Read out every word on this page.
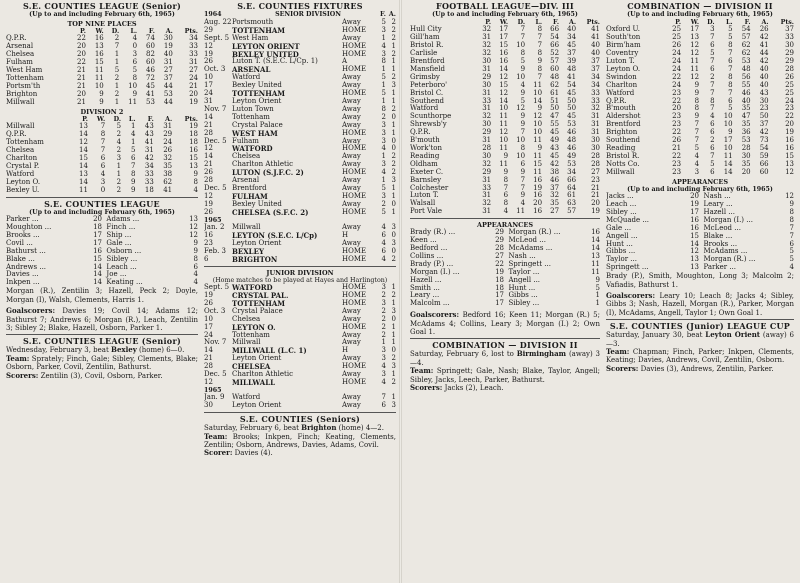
S.E. COUNTIES LEAGUE (Senior)
(Up to and including February 6th, 1965)
TOP NINE PLACES
	P.	W.	D.	L.	F.	A.	Pts.
Q.P.R.	22	16	2	4	74	30	34
Arsenal	20	13	7	0	60	19	33
Chelsea	20	16	1	3	82	40	33
Fulham	22	15	1	6	60	31	31
West Ham	21	11	5	5	46	27	27
Tottenham	21	11	2	8	72	37	24
Portsm'th	21	10	1	10	45	44	21
Brighton	20	9	2	9	41	53	20
Millwall	21	9	1	11	53	44	19
DIVISION 2
	P.	W.	D.	L.	F.	A.	Pts.
Millwall	13	7	5	1	43	31	19
Q.P.R.	14	8	2	4	43	29	18
Tottenham	12	7	4	1	41	24	18
Chelsea	14	7	2	5	31	26	16
Charlton	15	6	3	6	42	32	15
Crystal P.	14	6	1	7	34	35	13
Watford	13	4	1	8	33	38	9
Leyton O.	14	3	2	9	33	62	8
Bexley U.	11	0	2	9	18	41	4
S.E. COUNTIES LEAGUE
(Up to and including February 6th, 1965)
Parker ...	20	Adams ...	13
Moughton ...	18	Finch ...	12
Brooks ...	17	Ship ...	12
Covil ...	17	Gale ...	9
Bathurst ...	16	Osborn ...	9
Blake ...	15	Sibley ...	8
Andrews ...	14	Leach ...	6
Davies ...	14	Joe ...	4
Inkpen ...	14	Keating ...	4
Morgan (R.), Zentilin 3; Hazell, Peck 2; Doyle, Morgan (I), Walsh, Clements, Harris 1.
Goalscorers: Davies 19; Covil 14; Adams 12; Bathurst 7; Andrews 6; Morgan (R.), Leach, Zentilin 3; Sibley 2; Blake, Hazell, Osborn, Parker 1.
S.E. COUNTIES LEAGUE (Senior)
Wednesday, February 3, beat Bexley (home) 6—0.
Team: Sprately; Finch, Gale; Sibley, Clements, Blake; Osborn, Parker, Covil, Zentilin, Bathurst.
Scorers: Zentilin (3), Covil, Osborn, Parker.
S.E. COUNTIES FIXTURES
1964	SENIOR DIVISION		F.	A.
Aug. 22	Portsmouth	Away	5	2
29	TOTTENHAM	HOME	3	2
Sept. 5	West Ham	Away	1	2
12	LEYTON ORIENT	HOME	4	1
19	BEXLEY UNITED	HOME	3	2
26	Luton T. (S.E.C. L/Cp. 1)	A	8	1
Oct. 3	ARSENAL	HOME	1	1
10	Watford	Away	5	2
17	Bexley United	Away	1	3
24	TOTTENHAM	HOME	5	1
31	Leyton Orient	Away	1	1
Nov. 7	Luton Town	Away	8	2
14	Tottenham	Away	2	0
21	Crystal Palace	Away	3	1
28	WEST HAM	HOME	3	1
Dec. 5	Fulham	Away	3	0
12	WATFORD	HOME	4	0
14	Chelsea	Away	1	2
21	Charlton Athletic	Away	3	2
26	LUTON (S.J.F.C. 2)	HOME	4	2
28	Arsenal	Away	1	3
Dec. 5	Brentford	Away	5	1
12	FULHAM	HOME	3	1
19	Bexley United	Away	2	0
26	CHELSEA (S.F.C. 2)	HOME	5	1
1965
Jan. 2	Millwall	Away	4	3
16	LEYTON (S.E.C. L/Cp)	H	6	0
23	Leyton Orient	Away	4	3
Feb. 3	BEXLEY	HOME	6	0
6	BRIGHTON	HOME	4	2
JUNIOR DIVISION
(Home matches to be played at Hayes and Harlington)
Sept. 5	WATFORD	HOME	3	1
19	CRYSTAL PAL.	HOME	2	2
26	TOTTENHAM	HOME	3	1
Oct. 3	Crystal Palace	Away	2	3
10	Chelsea	Away	2	0
17	LEYTON O.	HOME	2	1
24	Tottenham	Away	2	1
Nov. 7	Millwall	Away	1	1
14	MILLWALL (L.C. 1)	H	3	0
21	Leyton Orient	Away	3	2
28	CHELSEA	HOME	4	3
Dec. 5	Charlton Athletic	Away	3	1
12	MILLWALL	HOME	4	2
1965
Jan. 9	Watford	Away	7	1
30	Leyton Orient	Away	6	3
S.E. COUNTIES (Seniors)
Saturday, February 6, beat Brighton (home) 4—2.
Team: Brooks; Inkpen, Finch; Keating, Clements, Zentilin; Osborn, Andrews, Davies, Adams, Covil.
Scorer: Davies (4).
FOOTBALL LEAGUE—DIV. III
(Up to and including February 6th, 1965)
	P.	W.	D.	L.	F.	A.	Pts.
Hull City	32	17	7	8	66	40	41
Gill'ham	31	17	7	7	54	34	41
Bristol R.	32	15	10	7	66	45	40
Carlisle	32	16	8	8	52	37	40
Brentford	30	16	5	9	57	39	37
Mansfield	31	14	9	8	60	48	37
Grimsby	29	12	10	7	48	41	34
Peterboro'	30	15	4	11	62	54	34
Bristol C.	31	12	9	10	61	45	33
Southend	33	14	5	14	51	50	33
Watford	31	10	12	9	50	50	32
Scunthorpe	32	11	9	12	47	45	31
Shrewsb'y	30	11	9	10	55	53	31
Q.P.R.	29	12	7	10	45	46	31
B'mouth	31	10	10	11	49	48	30
Work'ton	28	11	8	9	43	46	30
Reading	30	9	10	11	45	49	28
Oldham	32	11	6	15	42	53	28
Exeter C.	29	9	9	11	38	34	27
Barnsley	31	8	7	16	46	66	23
Colchester	33	7	7	19	37	64	21
Luton T.	31	6	9	16	32	61	21
Walsall	32	8	4	20	35	63	20
Port Vale	31	4	11	16	27	57	19
APPEARANCES
Brady (R.) ...	29	Morgan (R.) ...	16
Keen ...	29	McLeod ...	14
Bedford ...	28	McAdams ...	14
Collins ...	27	Nash ...	13
Brady (P.) ...	22	Springett ...	11
Morgan (I.) ...	19	Taylor ...	11
Hazell ...	18	Angell ...	9
Smith ...	18	Hunt ...	5
Leary ...	17	Gibbs ...	1
Malcolm ...	17	Sibley ...	1
Goalscorers: Bedford 16; Keen 11; Morgan (R.) 5; McAdams 4; Collins, Leary 3; Morgan (I.) 2; Own Goal 1.
COMBINATION — DIVISION II
Saturday, February 6, lost to Birmingham (away) 3—4.
Team: Springett; Gale, Nash; Blake, Taylor, Angell; Sibley, Jacks, Leech, Parker, Bathurst.
Scorers: Jacks (2), Leach.
COMBINATION — DIVISION II
(Up to and including February 6th, 1965)
	P.	W.	D.	L.	F.	A.	Pts.
Oxford U.	25	17	3	5	54	26	37
South'ton	25	13	7	5	57	42	33
Birm'ham	26	12	6	8	62	41	30
Coventry	24	12	5	7	62	44	29
Luton T.	24	11	7	6	53	42	29
Leyton O.	24	11	6	7	48	40	28
Swindon	22	12	2	8	56	40	26
Charlton	24	9	7	8	55	40	25
Watford	23	9	7	7	46	43	25
Q.P.R.	22	8	8	6	40	30	24
B'mouth	20	8	7	5	35	23	23
Aldershot	23	9	4	10	47	50	22
Brentford	23	7	6	10	35	37	20
Brighton	22	7	6	9	36	42	19
Southend	26	7	2	17	53	73	16
Reading	21	5	6	10	28	54	16
Bristol R.	22	4	7	11	30	59	15
Notts Co.	23	4	5	14	35	66	13
Millwall	23	3	6	14	20	60	12
APPEARANCES
(Up to and including February 6th, 1965)
Jacks ...	20	Nash ...	12
Leach ...	19	Leary ...	9
Sibley ...	17	Hazell ...	8
McQuade ...	16	Morgan (I.) ...	8
Gale ...	16	McLeod ...	7
Angell ...	15	Blake ...	7
Hunt ...	14	Brooks ...	6
Gibbs ...	12	McAdams ...	5
Taylor ...	13	Morgan (R.) ...	5
Springett ...	13	Parker ...	4
Brady (P.), Smith, Moughton, Long 3; Malcolm 2; Vafiadis, Bathurst 1.
Goalscorers: Leary 10; Leach 8; Jacks 4; Sibley, Gibbs 3; Nash, Hazell, Morgan (R.), Parker, Morgan (I), McAdams, Angell, Taylor 1; Own Goal 1.
S.E. COUNTIES (Junior) LEAGUE CUP
Saturday, January 30, beat Leyton Orient (away) 6—3.
Team: Chapman; Finch, Parker; Inkpen, Clements, Keating; Davies, Andrews, Covil, Zentilin, Osborn.
Scorers: Davies (3), Andrews, Zentilin, Parker.
